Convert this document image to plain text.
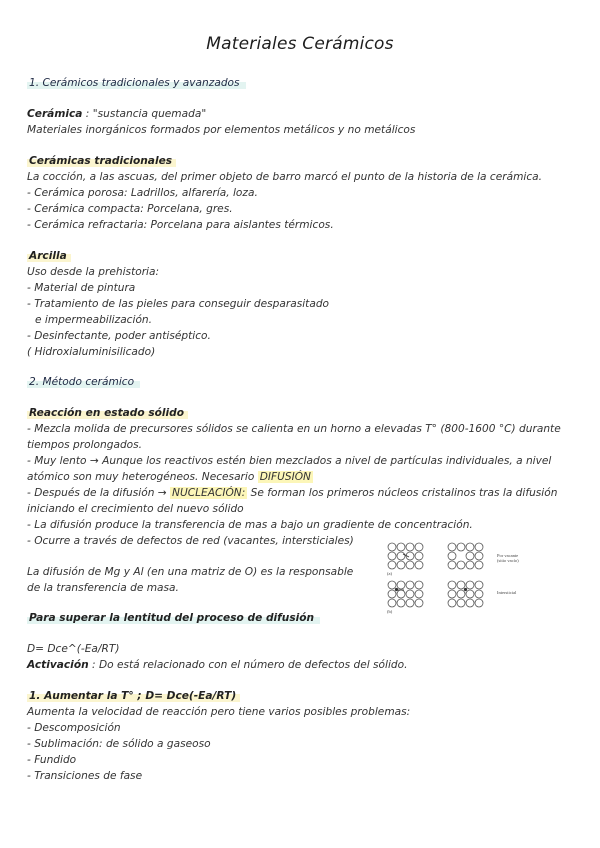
Materiales Cerámicos
1. Cerámicos tradicionales y avanzados
Cerámica : "sustancia quemada"
Materiales inorgánicos formados por elementos metálicos y no metálicos
Cerámicas tradicionales
La cocción, a las ascuas, del primer objeto de barro marcó el punto de la historia de la cerámica.
- Cerámica porosa: Ladrillos, alfarería, loza.
- Cerámica compacta: Porcelana, gres.
- Cerámica refractaria: Porcelana para aislantes térmicos.
Arcilla
Uso desde la prehistoria:
- Material de pintura
- Tratamiento de las pieles para conseguir desparasitado
e impermeabilización.
- Desinfectante, poder antiséptico.
( Hidroxialuminisilicado)
2. Método cerámico
Reacción en estado sólido
- Mezcla molida de precursores sólidos se calienta en un horno a elevadas T° (800-1600 °C) durante
tiempos prolongados.
- Muy lento → Aunque los reactivos estén bien mezclados a nivel de partículas individuales, a nivel
atómico son muy heterogéneos. Necesario DIFUSIÓN
- Después de la difusión → NUCLEACIÓN: Se forman los primeros núcleos cristalinos tras la difusión
iniciando el crecimiento del nuevo sólido
- La difusión produce la transferencia de mas a bajo un gradiente de concentración.
- Ocurre a través de defectos de red (vacantes, intersticiales)
La difusión de Mg y Al (en una matriz de O) es la responsable
de la transferencia de masa.
(a)
Por vacante
(sitio vacío)
(b)
Intersticial
Para superar la lentitud del proceso de difusión
D= Dce^(-Ea/RT)
Activación : Do está relacionado con el número de defectos del sólido.
1. Aumentar la T° ; D= Dce(-Ea/RT)
Aumenta la velocidad de reacción pero tiene varios posibles problemas:
- Descomposición
- Sublimación: de sólido a gaseoso
- Fundido
- Transiciones de fase
